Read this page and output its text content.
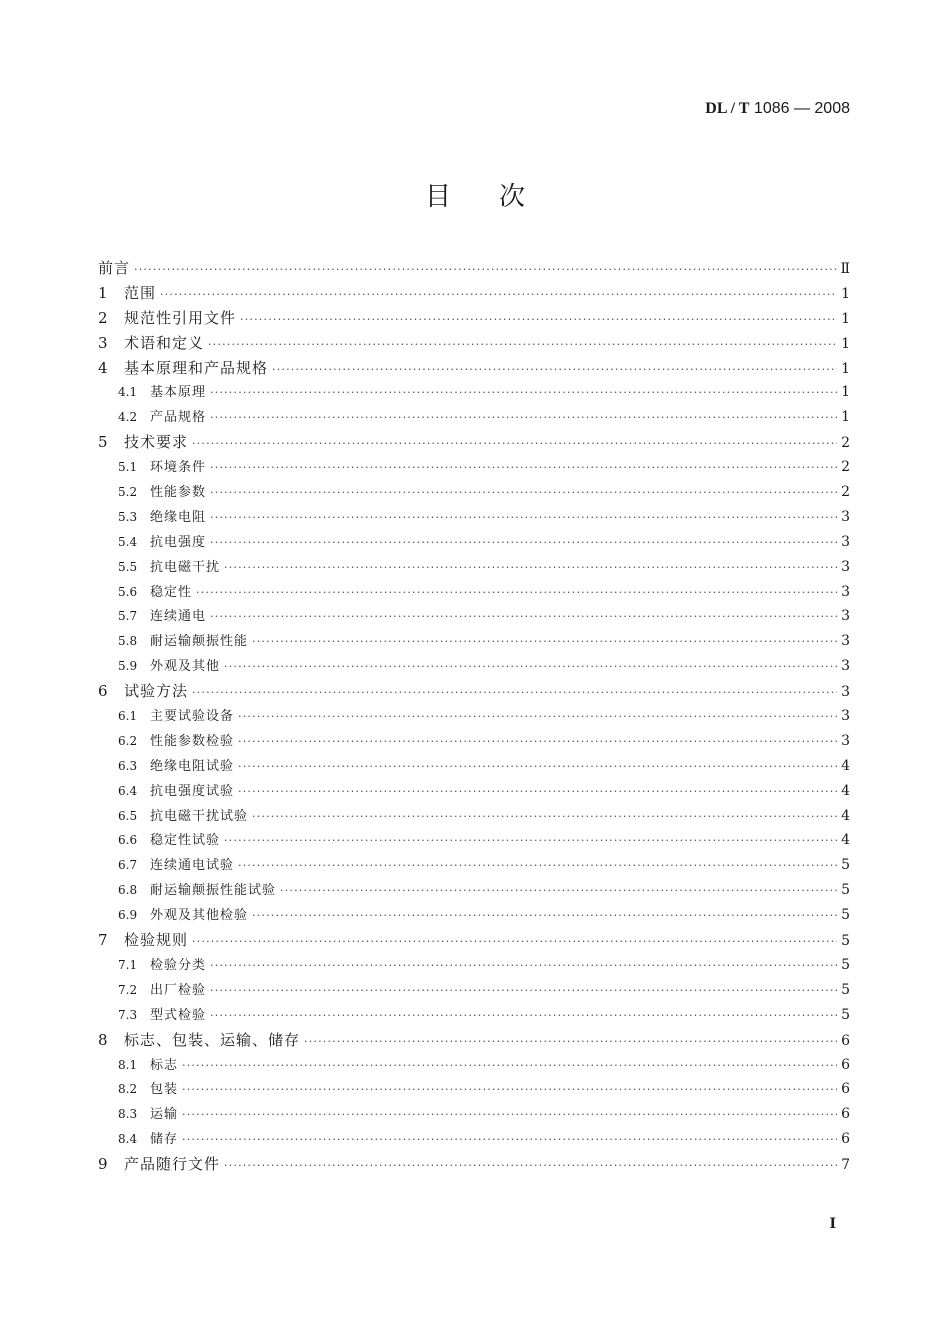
DL / T 1086 — 2008
目次
前言 ·····	Ⅱ
1	范围 ·····	1
2	规范性引用文件 ·····	1
3	术语和定义 ·····	1
4	基本原理和产品规格 ·····	1
4.1 基本原理 ·····	1
4.2 产品规格 ·····	1
5	技术要求 ·····	2
5.1 环境条件 ·····	2
5.2 性能参数 ·····	2
5.3 绝缘电阻 ·····	3
5.4 抗电强度 ·····	3
5.5 抗电磁干扰 ·····	3
5.6 稳定性 ·····	3
5.7 连续通电 ·····	3
5.8 耐运输颠振性能 ·····	3
5.9 外观及其他 ·····	3
6	试验方法 ·····	3
6.1 主要试验设备 ·····	3
6.2 性能参数检验 ·····	3
6.3 绝缘电阻试验 ·····	4
6.4 抗电强度试验 ·····	4
6.5 抗电磁干扰试验 ·····	4
6.6 稳定性试验 ·····	4
6.7 连续通电试验 ·····	5
6.8 耐运输颠振性能试验 ·····	5
6.9 外观及其他检验 ·····	5
7	检验规则 ·····	5
7.1 检验分类 ·····	5
7.2 出厂检验 ·····	5
7.3 型式检验 ·····	5
8	标志、包装、运输、储存 ·····	6
8.1 标志 ·····	6
8.2 包装 ·····	6
8.3 运输 ·····	6
8.4 储存 ·····	6
9	产品随行文件 ·····	7
I
